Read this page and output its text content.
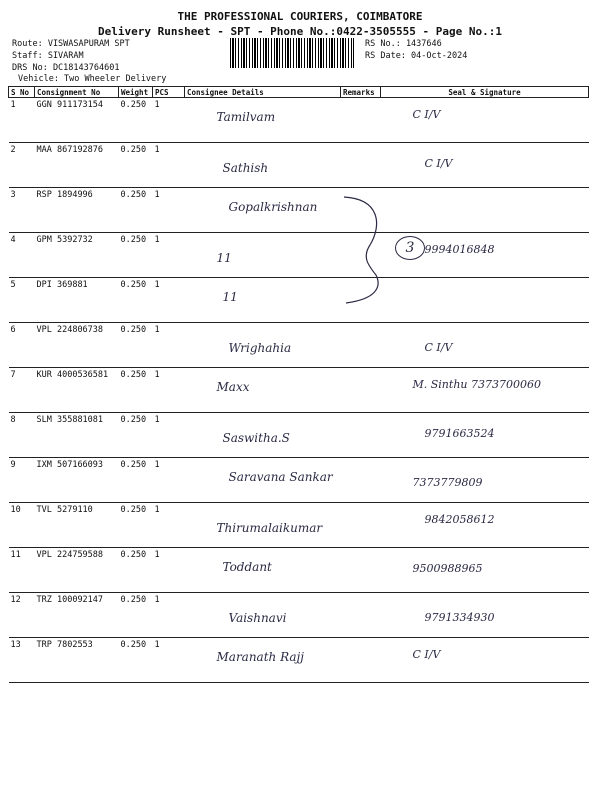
THE PROFESSIONAL COURIERS, COIMBATORE
Delivery Runsheet - SPT - Phone No.:0422-3505555 - Page No.:1
Route: VISWASAPURAM SPT
Staff: SIVARAM
DRS No: DC18143764601
Vehicle: Two Wheeler Delivery
RS No.: 1437646
RS Date: 04-Oct-2024
S No	Consignment No	Weight	PCS	Consignee Details	Remarks	Seal & Signature
1	GGN 911173154	0.250	1	Tamilvam		C I/V

2	MAA 867192876	0.250	1	Sathish		C I/V

3	RSP 1894996	0.250	1	Gopalkrishnan		

4	GPM 5392732	0.250	1	11		9994016848

5	DPI 369881	0.250	1	11		

6	VPL 224806738	0.250	1	Wrighahia		C I/V

7	KUR 4000536581	0.250	1	Maxx		M. Sinthu 7373700060

8	SLM 355881081	0.250	1	Saswitha.S		9791663524

9	IXM 507166093	0.250	1	Saravana Sankar		7373779809

10	TVL 5279110	0.250	1	Thirumalaikumar		9842058612

11	VPL 224759588	0.250	1	Toddant		9500988965

12	TRZ 100092147	0.250	1	Vaishnavi		9791334930

13	TRP 7802553	0.250	1	Maranath Rajj		C I/V
3
